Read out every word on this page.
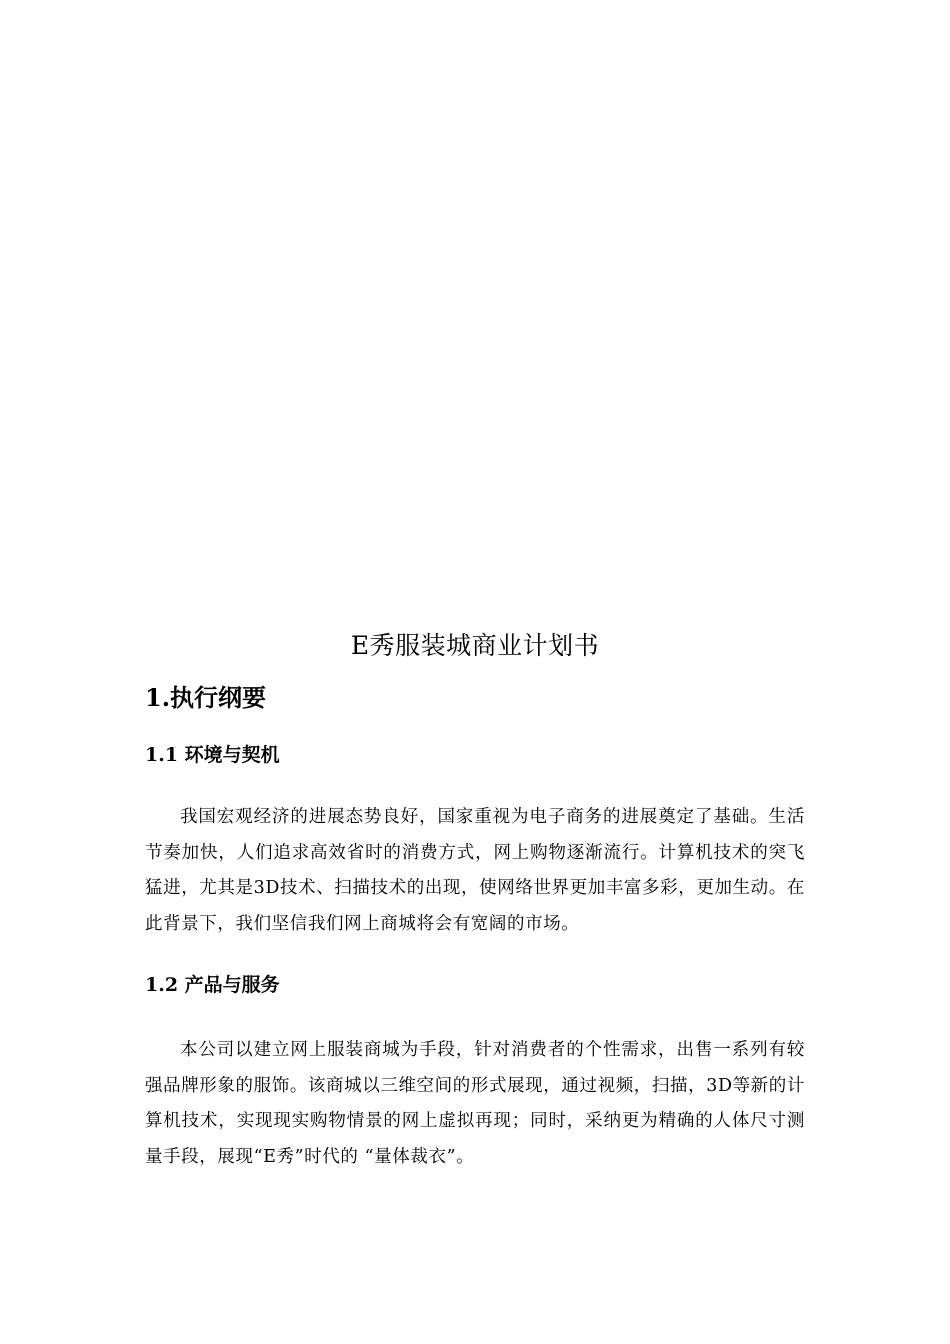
E秀服装城商业计划书
1.执行纲要
1.1 环境与契机

我国宏观经济的进展态势良好，国家重视为电子商务的进展奠定了基础。生活节奏加快，人们追求高效省时的消费方式，网上购物逐渐流行。计算机技术的突飞猛进，尤其是3D技术、扫描技术的出现，使网络世界更加丰富多彩，更加生动。在此背景下，我们坚信我们网上商城将会有宽阔的市场。

1.2 产品与服务

本公司以建立网上服装商城为手段，针对消费者的个性需求，出售一系列有较强品牌形象的服饰。该商城以三维空间的形式展现，通过视频，扫描，3D等新的计算机技术，实现现实购物情景的网上虚拟再现；同时，采纳更为精确的人体尺寸测量手段，展现“E秀”时代的 “量体裁衣”。
